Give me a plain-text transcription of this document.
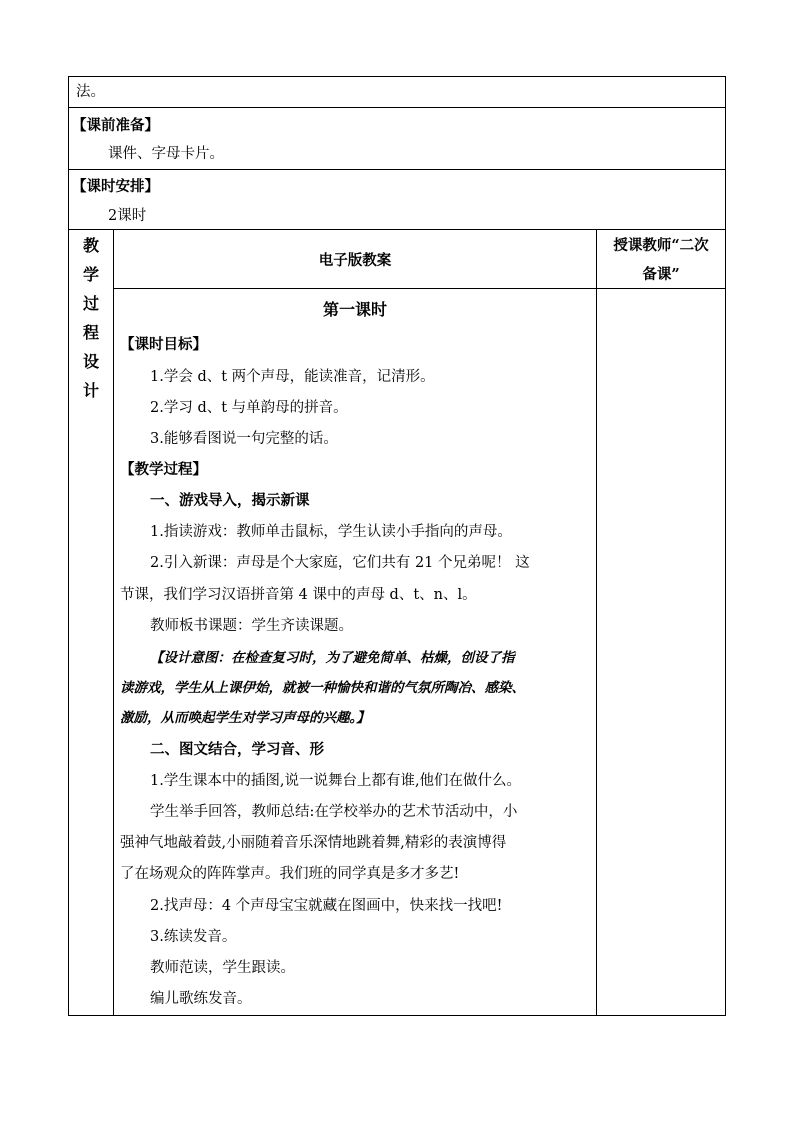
法。
【课前准备】
课件、字母卡片。
【课时安排】
2课时
教
学
过
程
设
计
电子版教案
授课教师“二次
备课”
第一课时
【课时目标】
1.学会 d、t 两个声母，能读准音，记清形。
2.学习 d、t 与单韵母的拼音。
3.能够看图说一句完整的话。
【教学过程】
一、游戏导入，揭示新课
1.指读游戏：教师单击鼠标，学生认读小手指向的声母。
2.引入新课：声母是个大家庭，它们共有 21 个兄弟呢！ 这
节课，我们学习汉语拼音第 4 课中的声母 d、t、n、l。
教师板书课题：学生齐读课题。
【设计意图：在检查复习时，为了避免简单、枯燥，创设了指
读游戏，学生从上课伊始，就被一种愉快和谐的气氛所陶冶、感染、
激励，从而唤起学生对学习声母的兴趣。】
二、图文结合，学习音、形
1.学生课本中的插图,说一说舞台上都有谁,他们在做什么。
学生举手回答，教师总结:在学校举办的艺术节活动中，小
强神气地敲着鼓,小丽随着音乐深情地跳着舞,精彩的表演博得
了在场观众的阵阵掌声。我们班的同学真是多才多艺!
2.找声母：4 个声母宝宝就藏在图画中，快来找一找吧!
3.练读发音。
教师范读，学生跟读。
编儿歌练发音。
